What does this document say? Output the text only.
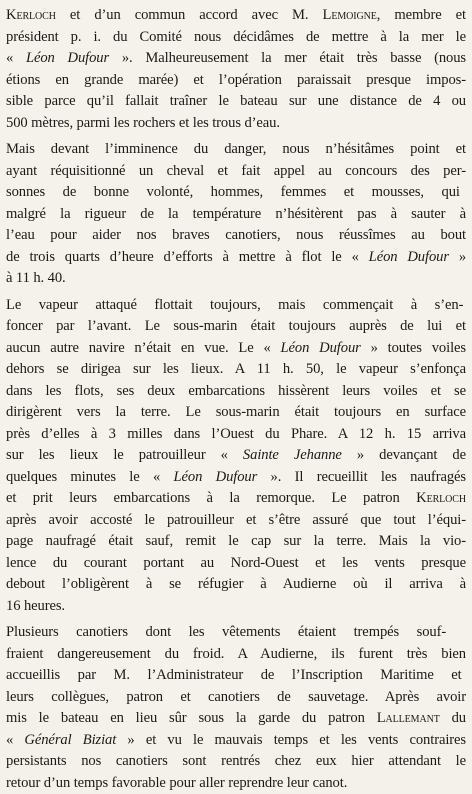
Kerloch et d’un commun accord avec M. Lemoigne, membre et
président p. i. du Comité nous décidâmes de mettre à la mer le
« Léon Dufour ». Malheureusement la mer était très basse (nous
étions en grande marée) et l’opération paraissait presque impos-
sible parce qu’il fallait traîner le bateau sur une distance de 4 ou
500 mètres, parmi les rochers et les trous d’eau.
Mais devant l’imminence du danger, nous n’hésitâmes point et
ayant réquisitionné un cheval et fait appel au concours des per-
sonnes de bonne volonté, hommes, femmes et mousses, qui
malgré la rigueur de la température n’hésitèrent pas à sauter à
l’eau pour aider nos braves canotiers, nous réussîmes au bout
de trois quarts d’heure d’efforts à mettre à flot le « Léon Dufour »
à 11 h. 40.
Le vapeur attaqué flottait toujours, mais commençait à s’en-
foncer par l’avant. Le sous-marin était toujours auprès de lui et
aucun autre navire n’était en vue. Le « Léon Dufour » toutes voiles
dehors se dirigea sur les lieux. A 11 h. 50, le vapeur s’enfonça
dans les flots, ses deux embarcations hissèrent leurs voiles et se
dirigèrent vers la terre. Le sous-marin était toujours en surface
près d’elles à 3 milles dans l’Ouest du Phare. A 12 h. 15 arriva
sur les lieux le patrouilleur « Sainte Jehanne » devançant de
quelques minutes le « Léon Dufour ». Il recueillit les naufragés
et prit leurs embarcations à la remorque. Le patron Kerloch
après avoir accosté le patrouilleur et s’être assuré que tout l’équi-
page naufragé était sauf, remit le cap sur la terre. Mais la vio-
lence du courant portant au Nord-Ouest et les vents presque
debout l’obligèrent à se réfugier à Audierne où il arriva à
16 heures.
Plusieurs canotiers dont les vêtements étaient trempés souf-
fraient dangereusement du froid. A Audierne, ils furent très bien
accueillis par M. l’Administrateur de l’Inscription Maritime et
leurs collègues, patron et canotiers de sauvetage. Après avoir
mis le bateau en lieu sûr sous la garde du patron Lallemant du
« Général Biziat » et vu le mauvais temps et les vents contraires
persistants nos canotiers sont rentrés chez eux hier attendant le
retour d’un temps favorable pour aller reprendre leur canot.
